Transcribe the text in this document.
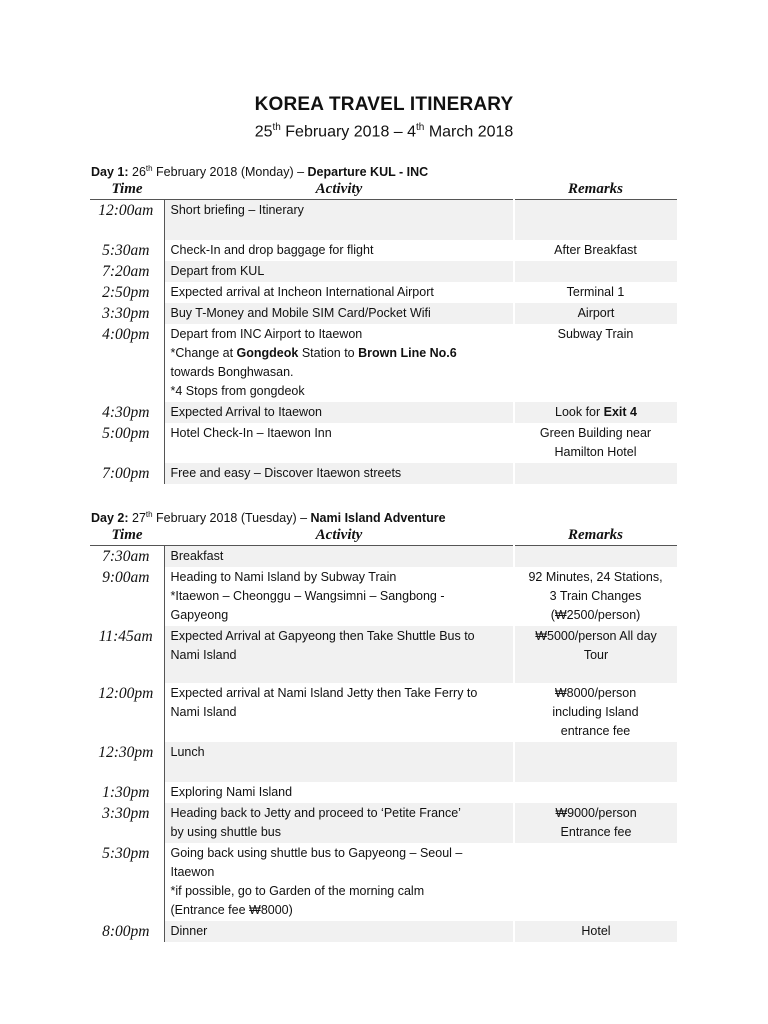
KOREA TRAVEL ITINERARY
25th February 2018 – 4th March 2018
Day 1: 26th February 2018 (Monday) – Departure KUL - INC
Time	Activity	Remarks
12:00am	Short briefing – Itinerary	
5:30am	Check-In and drop baggage for flight	After Breakfast
7:20am	Depart from KUL	
2:50pm	Expected arrival at Incheon International Airport	Terminal 1
3:30pm	Buy T-Money and Mobile SIM Card/Pocket Wifi	Airport
4:00pm	Depart from INC Airport to Itaewon
*Change at Gongdeok Station to Brown Line No.6
towards Bonghwasan.
*4 Stops from gongdeok	Subway Train
4:30pm	Expected Arrival to Itaewon	Look for Exit 4
5:00pm	Hotel Check-In – Itaewon Inn	Green Building near
Hamilton Hotel

7:00pm	Free and easy – Discover Itaewon streets	
Day 2: 27th February 2018 (Tuesday) – Nami Island Adventure
Time	Activity	Remarks
7:30am	Breakfast	
9:00am	Heading to Nami Island by Subway Train
*Itaewon – Cheonggu – Wangsimni – Sangbong -
Gapyeong	92 Minutes, 24 Stations,
3 Train Changes
(₩2500/person)

11:45am	Expected Arrival at Gapyeong then Take Shuttle Bus to
Nami Island	₩5000/person All day
Tour

12:00pm	Expected arrival at Nami Island Jetty then Take Ferry to
Nami Island	₩8000/person
including Island
entrance fee

12:30pm	Lunch	
1:30pm	Exploring Nami Island	
3:30pm	Heading back to Jetty and proceed to ‘Petite France’
by using shuttle bus	₩9000/person
Entrance fee

5:30pm	Going back using shuttle bus to Gapyeong – Seoul –
Itaewon
*if possible, go to Garden of the morning calm
(Entrance fee ₩8000)	

8:00pm	Dinner	Hotel
